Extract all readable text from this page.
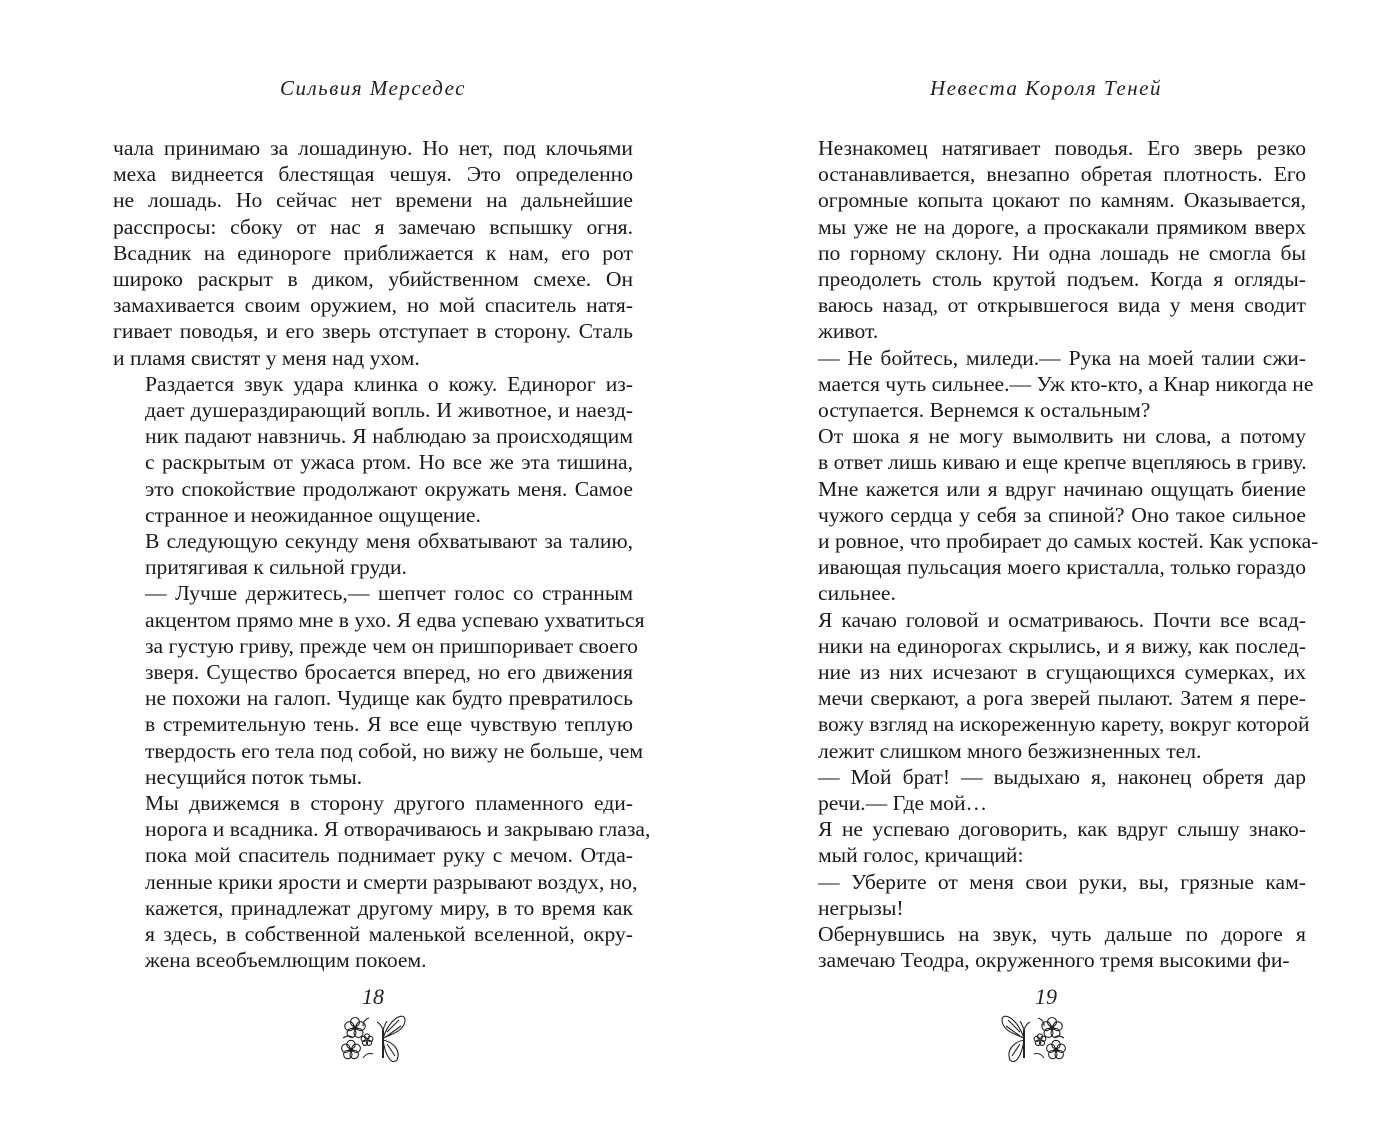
Сильвия Мерседес

чала принимаю за лошадиную. Но нет, под клочьями
меха виднеется блестящая чешуя. Это определенно
не лошадь. Но сейчас нет времени на дальнейшие
расспросы: сбоку от нас я замечаю вспышку огня.
Всадник на единороге приближается к нам, его рот
широко раскрыт в диком, убийственном смехе. Он
замахивается своим оружием, но мой спаситель натя-
гивает поводья, и его зверь отступает в сторону. Сталь
и пламя свистят у меня над ухом.

Раздается звук удара клинка о кожу. Единорог из-
дает душераздирающий вопль. И животное, и наезд-
ник падают навзничь. Я наблюдаю за происходящим
с раскрытым от ужаса ртом. Но все же эта тишина,
это спокойствие продолжают окружать меня. Самое
странное и неожиданное ощущение.

В следующую секунду меня обхватывают за талию,
притягивая к сильной груди.

— Лучше держитесь,— шепчет голос со странным
акцентом прямо мне в ухо. Я едва успеваю ухватиться
за густую гриву, прежде чем он пришпоривает своего
зверя. Существо бросается вперед, но его движения
не похожи на галоп. Чудище как будто превратилось
в стремительную тень. Я все еще чувствую теплую
твердость его тела под собой, но вижу не больше, чем
несущийся поток тьмы.

Мы движемся в сторону другого пламенного еди-
норога и всадника. Я отворачиваюсь и закрываю глаза,
пока мой спаситель поднимает руку с мечом. Отда-
ленные крики ярости и смерти разрывают воздух, но,
кажется, принадлежат другому миру, в то время как
я здесь, в собственной маленькой вселенной, окру-
жена всеобъемлющим покоем.

18
Невеста Короля Теней

Незнакомец натягивает поводья. Его зверь резко
останавливается, внезапно обретая плотность. Его
огромные копыта цокают по камням. Оказывается,
мы уже не на дороге, а проскакали прямиком вверх
по горному склону. Ни одна лошадь не смогла бы
преодолеть столь крутой подъем. Когда я огляды-
ваюсь назад, от открывшегося вида у меня сводит
живот.

— Не бойтесь, миледи.— Рука на моей талии сжи-
мается чуть сильнее.— Уж кто-кто, а Кнар никогда не
оступается. Вернемся к остальным?

От шока я не могу вымолвить ни слова, а потому
в ответ лишь киваю и еще крепче вцепляюсь в гриву.
Мне кажется или я вдруг начинаю ощущать биение
чужого сердца у себя за спиной? Оно такое сильное
и ровное, что пробирает до самых костей. Как успока-
ивающая пульсация моего кристалла, только гораздо
сильнее.

Я качаю головой и осматриваюсь. Почти все всад-
ники на единорогах скрылись, и я вижу, как послед-
ние из них исчезают в сгущающихся сумерках, их
мечи сверкают, а рога зверей пылают. Затем я пере-
вожу взгляд на искореженную карету, вокруг которой
лежит слишком много безжизненных тел.

— Мой брат! — выдыхаю я, наконец обретя дар
речи.— Где мой…

Я не успеваю договорить, как вдруг слышу знако-
мый голос, кричащий:

— Уберите от меня свои руки, вы, грязные кам-
негрызы!

Обернувшись на звук, чуть дальше по дороге я
замечаю Теодра, окруженного тремя высокими фи-

19
